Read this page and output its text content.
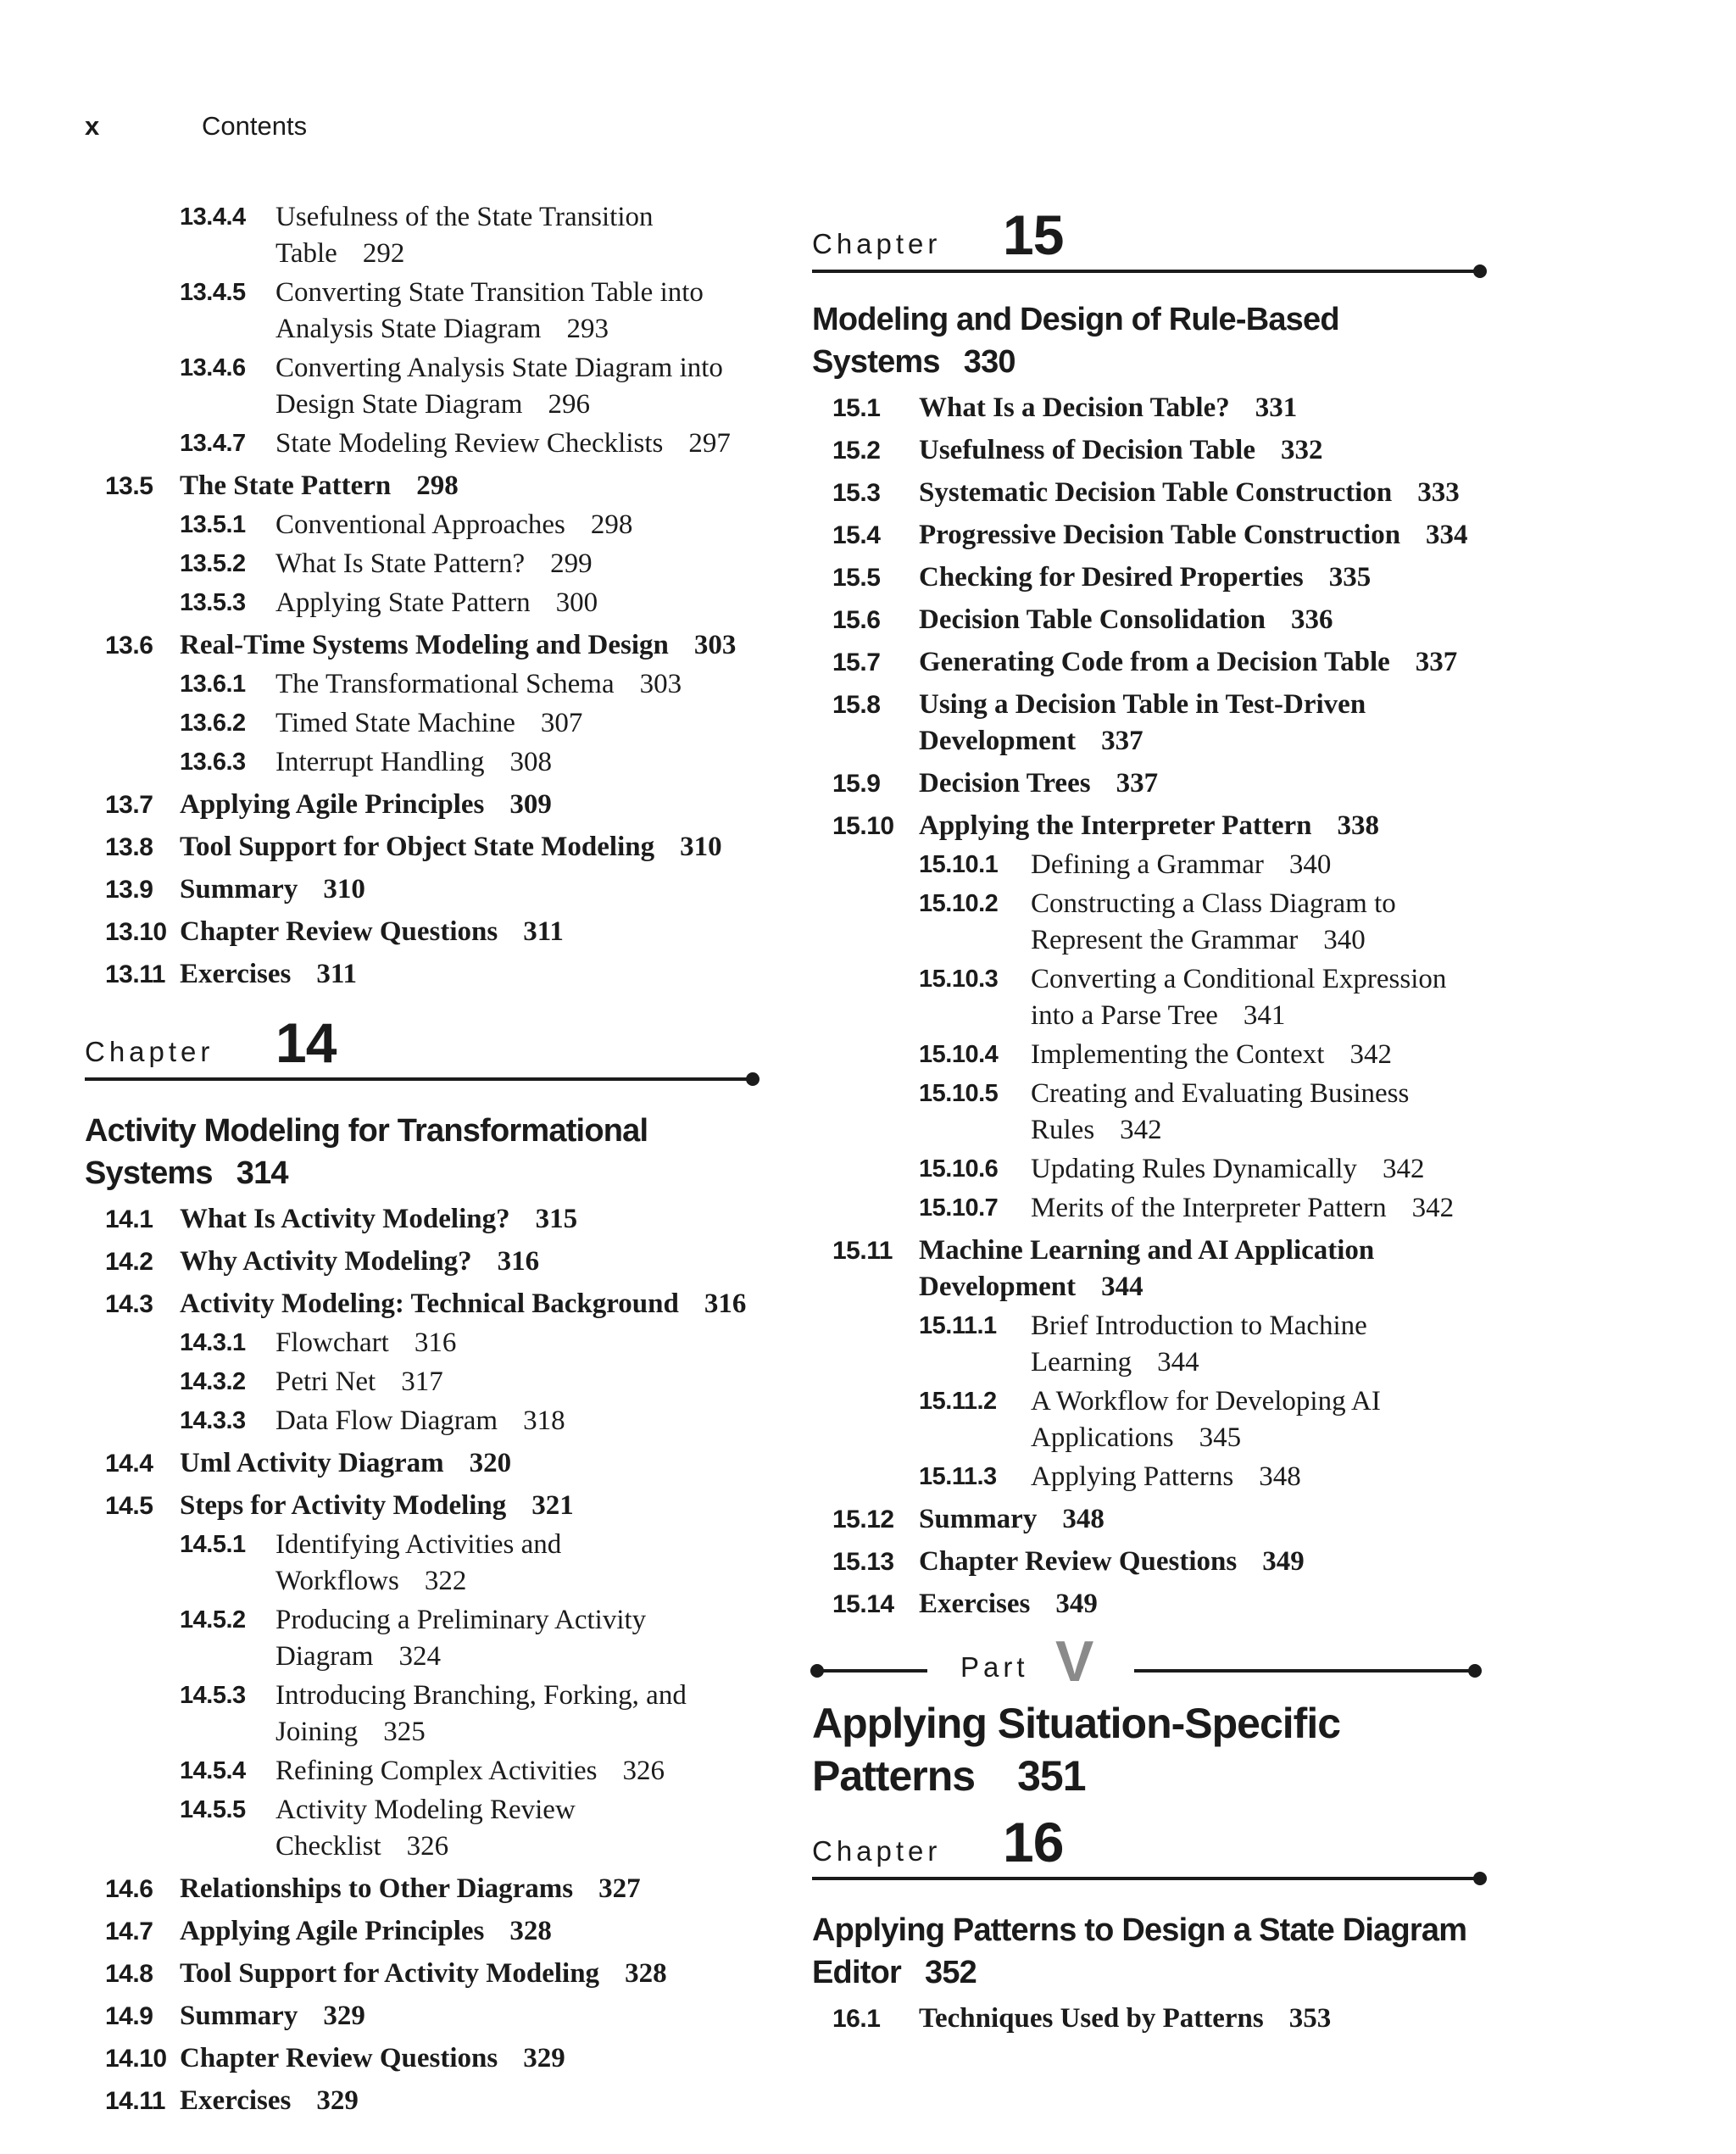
x	Contents
13.4.4 Usefulness of the State Transition Table 292
13.4.5 Converting State Transition Table into Analysis State Diagram 293
13.4.6 Converting Analysis State Diagram into Design State Diagram 296
13.4.7 State Modeling Review Checklists 297
13.5 The State Pattern 298
13.5.1 Conventional Approaches 298
13.5.2 What Is State Pattern? 299
13.5.3 Applying State Pattern 300
13.6 Real-Time Systems Modeling and Design 303
13.6.1 The Transformational Schema 303
13.6.2 Timed State Machine 307
13.6.3 Interrupt Handling 308
13.7 Applying Agile Principles 309
13.8 Tool Support for Object State Modeling 310
13.9 Summary 310
13.10 Chapter Review Questions 311
13.11 Exercises 311
Chapter	14
Activity Modeling for Transformational
Systems 314
14.1 What Is Activity Modeling? 315
14.2 Why Activity Modeling? 316
14.3 Activity Modeling: Technical Background 316
14.3.1 Flowchart 316
14.3.2 Petri Net 317
14.3.3 Data Flow Diagram 318
14.4 Uml Activity Diagram 320
14.5 Steps for Activity Modeling 321
14.5.1 Identifying Activities and Workflows 322
14.5.2 Producing a Preliminary Activity Diagram 324
14.5.3 Introducing Branching, Forking, and Joining 325
14.5.4 Refining Complex Activities 326
14.5.5 Activity Modeling Review Checklist 326
14.6 Relationships to Other Diagrams 327
14.7 Applying Agile Principles 328
14.8 Tool Support for Activity Modeling 328
14.9 Summary 329
14.10 Chapter Review Questions 329
14.11 Exercises 329
Chapter	15
Modeling and Design of Rule-Based Systems 330
15.1 What Is a Decision Table? 331
15.2 Usefulness of Decision Table 332
15.3 Systematic Decision Table Construction 333
15.4 Progressive Decision Table Construction 334
15.5 Checking for Desired Properties 335
15.6 Decision Table Consolidation 336
15.7 Generating Code from a Decision Table 337
15.8 Using a Decision Table in Test-Driven Development 337
15.9 Decision Trees 337
15.10 Applying the Interpreter Pattern 338
15.10.1 Defining a Grammar 340
15.10.2 Constructing a Class Diagram to Represent the Grammar 340
15.10.3 Converting a Conditional Expression into a Parse Tree 341
15.10.4 Implementing the Context 342
15.10.5 Creating and Evaluating Business Rules 342
15.10.6 Updating Rules Dynamically 342
15.10.7 Merits of the Interpreter Pattern 342
15.11 Machine Learning and AI Application Development 344
15.11.1 Brief Introduction to Machine Learning 344
15.11.2 A Workflow for Developing AI Applications 345
15.11.3 Applying Patterns 348
15.12 Summary 348
15.13 Chapter Review Questions 349
15.14 Exercises 349
Part V
Applying Situation-Specific
Patterns 351
Chapter	16
Applying Patterns to Design a State Diagram
Editor 352
16.1 Techniques Used by Patterns 353
